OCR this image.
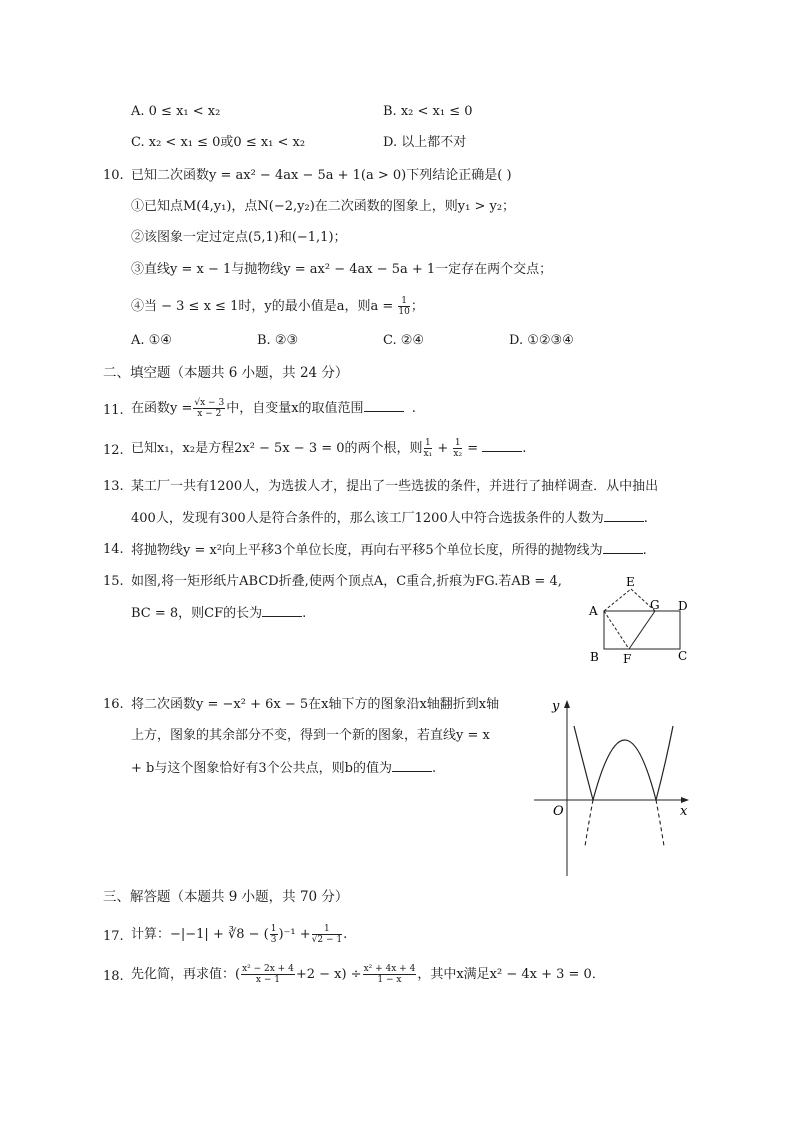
A. 0 ≤ x₁ < x₂	B. x₂ < x₁ ≤ 0
C. x₂ < x₁ ≤ 0或0 ≤ x₁ < x₂	D. 以上都不对
10. 已知二次函数y = ax² − 4ax − 5a + 1(a > 0)下列结论正确是( )
①已知点M(4,y₁)，点N(−2,y₂)在二次函数的图象上，则y₁ > y₂；
②该图象一定过定点(5,1)和(−1,1)；
③直线y = x − 1与抛物线y = ax² − 4ax − 5a + 1一定存在两个交点；
④当 − 3 ≤ x ≤ 1时，y的最小值是a，则$a = \frac{1}{10}$ ；
A. ①④	B. ②③	C. ②④	D. ①②③④
二、填空题（本题共 6 小题，共 24 分）
11. 在函数$y = \frac{√x - 3}{x - 2}$ 中，自变量x的取值范围	.
12. 已知x₁，x₂是方程2x² − 5x − 3 = 0的两个根，则 $\frac{1}{\text{x₁}} + \frac{1}{\text{x₂}}$ =	.
13. 某工厂一共有1200人，为选拔人才，提出了一些选拔的条件，并进行了抽样调查．从中抽出
400人，发现有300人是符合条件的，那么该工厂1200人中符合选拔条件的人数为	.
14. 将抛物线y = x²向上平移3个单位长度，再向右平移5个单位长度，所得的抛物线为	.
15. 如图,将一矩形纸片ABCD折叠,使两个顶点A，C重合,折痕为FG.若AB = 4,
BC = 8，则CF的长为	.
E
G D
A
B F	C
16. 将二次函数y = −x² + 6x − 5在x轴下方的图象沿x轴翻折到x轴
上方，图象的其余部分不变，得到一个新的图象，若直线y = x
+ b与这个图象恰好有3个公共点，则b的值为	.
y
x
O
三、解答题（本题共 9 小题，共 70 分）
17. 计算：−|−1| + ∛8 − ( $\frac{1}{3} )^{-1} + \frac{1}{√2 - 1}$ .
18. 先化简，再求值：( $\frac{\text{x² − 2x + 4}}{x - 1} +2 - x) \div \frac{\text{x² + 4x + 4}}{1 - x}$ ，其中x满足x² − 4x + 3 = 0．
